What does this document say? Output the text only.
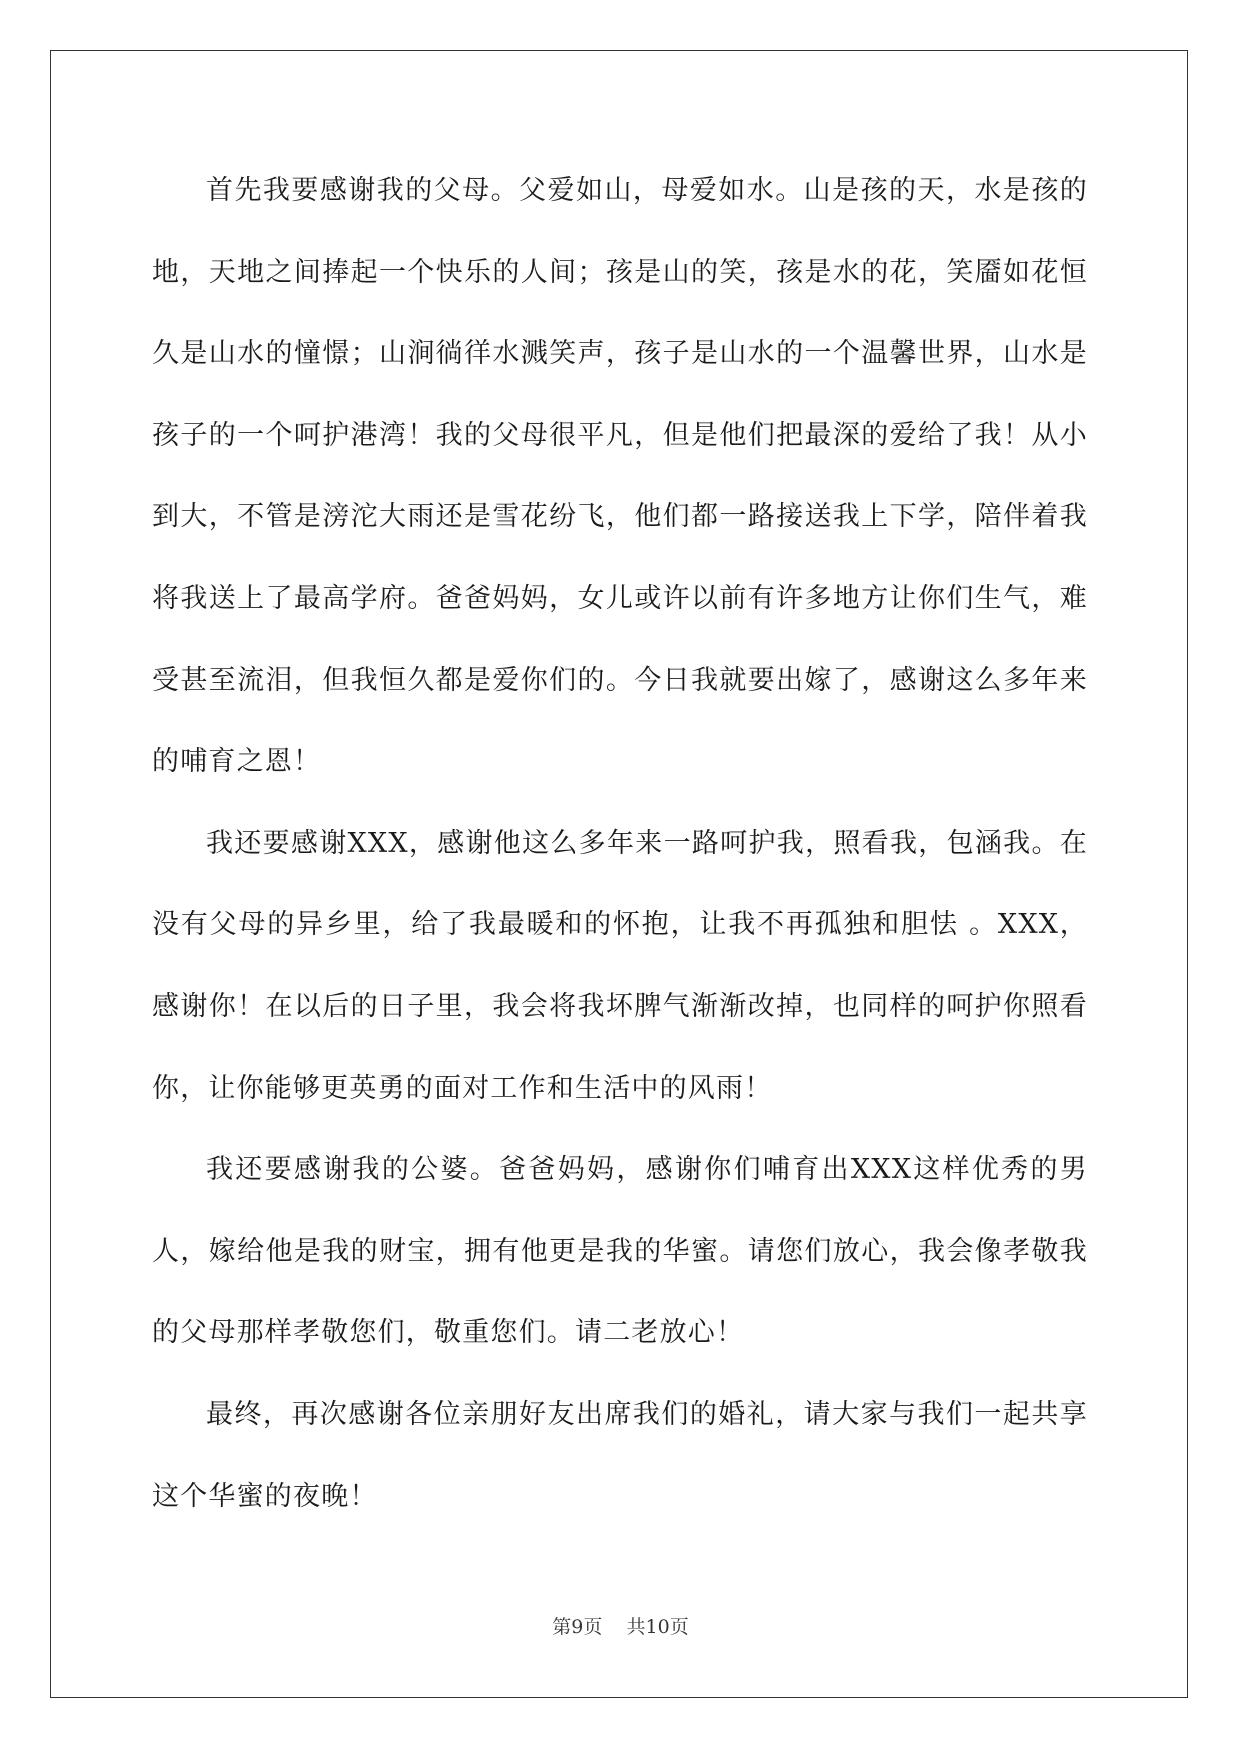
首先我要感谢我的父母。父爱如山，母爱如水。山是孩的天，水是孩的地，天地之间捧起一个快乐的人间；孩是山的笑，孩是水的花，笑靥如花恒久是山水的憧憬；山涧徜徉水溅笑声，孩子是山水的一个温馨世界，山水是孩子的一个呵护港湾！我的父母很平凡，但是他们把最深的爱给了我！从小到大，不管是滂沱大雨还是雪花纷飞，他们都一路接送我上下学，陪伴着我将我送上了最高学府。爸爸妈妈，女儿或许以前有许多地方让你们生气，难受甚至流泪，但我恒久都是爱你们的。今日我就要出嫁了，感谢这么多年来的哺育之恩！

我还要感谢XXX，感谢他这么多年来一路呵护我，照看我，包涵我。在没有父母的异乡里，给了我最暖和的怀抱，让我不再孤独和胆怯 。XXX，感谢你！在以后的日子里，我会将我坏脾气渐渐改掉，也同样的呵护你照看你，让你能够更英勇的面对工作和生活中的风雨！

我还要感谢我的公婆。爸爸妈妈，感谢你们哺育出XXX这样优秀的男人，嫁给他是我的财宝，拥有他更是我的华蜜。请您们放心，我会像孝敬我的父母那样孝敬您们，敬重您们。请二老放心！

最终，再次感谢各位亲朋好友出席我们的婚礼，请大家与我们一起共享这个华蜜的夜晚！

第9页 共10页
